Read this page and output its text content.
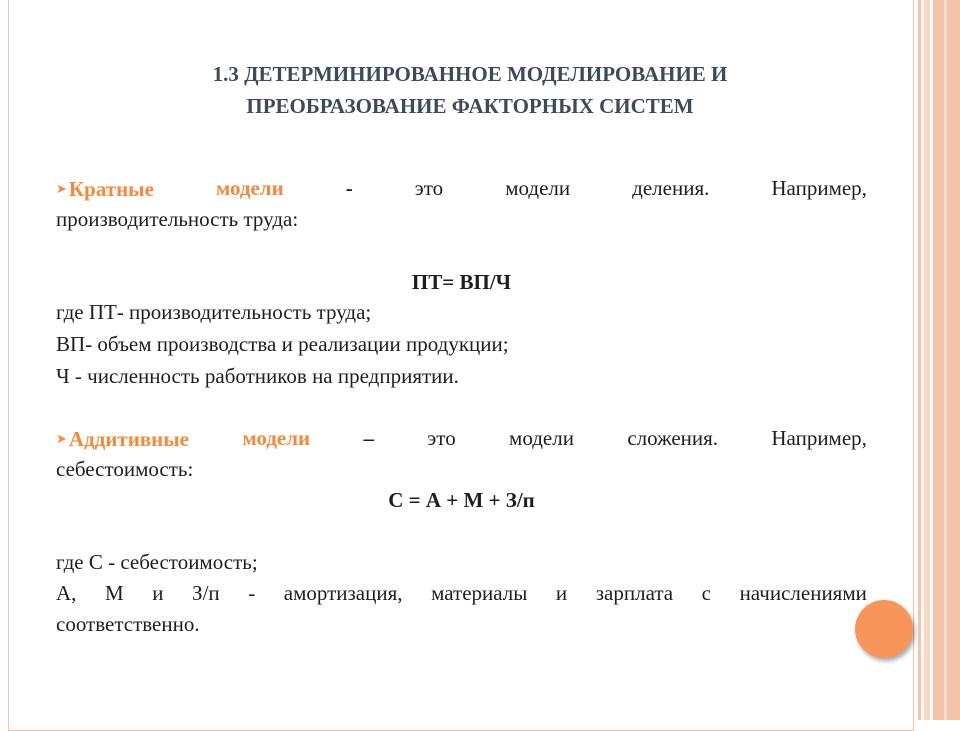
1.3 ДЕТЕРМИНИРОВАННОЕ МОДЕЛИРОВАНИЕ И
ПРЕОБРАЗОВАНИЕ ФАКТОРНЫХ СИСТЕМ
➤Кратные	модели	-	это	модели	деления.	Например,
производительность труда:
ПТ= ВП/Ч
где ПТ- производительность труда;
ВП- объем производства и реализации продукции;
Ч - численность работников на предприятии.
➤Аддитивные	модели	–	это	модели	сложения.	Например,
себестоимость:
С = А + М + З/п
где С - себестоимость;
А, М и З/п - амортизация, материалы и зарплата с начислениями
соответственно.
